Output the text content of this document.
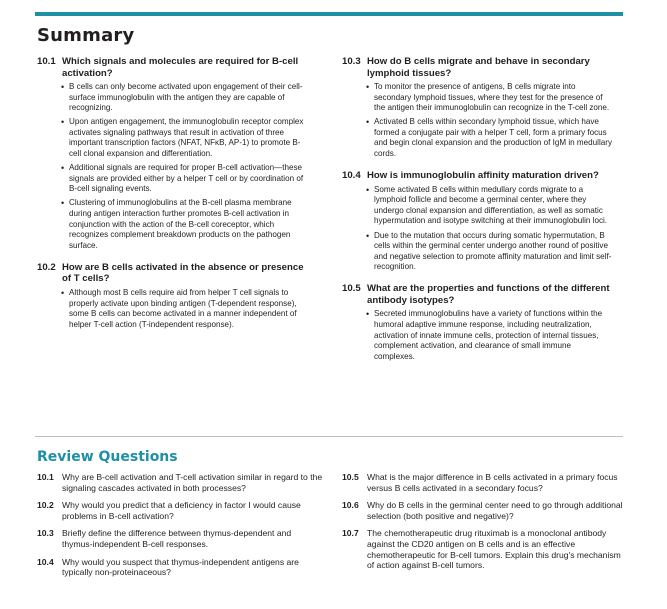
Summary
10.1 Which signals and molecules are required for B-cell activation?
• B cells can only become activated upon engagement of their cell-surface immunoglobulin with the antigen they are capable of recognizing.
• Upon antigen engagement, the immunoglobulin receptor complex activates signaling pathways that result in activation of three important transcription factors (NFAT, NFκB, AP-1) to promote B-cell clonal expansion and differentiation.
• Additional signals are required for proper B-cell activation—these signals are provided either by a helper T cell or by coordination of B-cell signaling events.
• Clustering of immunoglobulins at the B-cell plasma membrane during antigen interaction further promotes B-cell activation in conjunction with the action of the B-cell coreceptor, which recognizes complement breakdown products on the pathogen surface.
10.2 How are B cells activated in the absence or presence of T cells?
• Although most B cells require aid from helper T cell signals to properly activate upon binding antigen (T-dependent response), some B cells can become activated in a manner independent of helper T-cell action (T-independent response).
10.3 How do B cells migrate and behave in secondary lymphoid tissues?
• To monitor the presence of antigens, B cells migrate into secondary lymphoid tissues, where they test for the presence of the antigen their immunoglobulin can recognize in the T-cell zone.
• Activated B cells within secondary lymphoid tissue, which have formed a conjugate pair with a helper T cell, form a primary focus and begin clonal expansion and the production of IgM in medullary cords.
10.4 How is immunoglobulin affinity maturation driven?
• Some activated B cells within medullary cords migrate to a lymphoid follicle and become a germinal center, where they undergo clonal expansion and differentiation, as well as somatic hypermutation and isotype switching at their immunoglobulin loci.
• Due to the mutation that occurs during somatic hypermutation, B cells within the germinal center undergo another round of positive and negative selection to promote affinity maturation and limit self-recognition.
10.5 What are the properties and functions of the different antibody isotypes?
• Secreted immunoglobulins have a variety of functions within the humoral adaptive immune response, including neutralization, activation of innate immune cells, protection of internal tissues, complement activation, and clearance of small immune complexes.
Review Questions
10.1 Why are B-cell activation and T-cell activation similar in regard to the signaling cascades activated in both processes?
10.2 Why would you predict that a deficiency in factor I would cause problems in B-cell activation?
10.3 Briefly define the difference between thymus-dependent and thymus-independent B-cell responses.
10.4 Why would you suspect that thymus-independent antigens are typically non-proteinaceous?
10.5 What is the major difference in B cells activated in a primary focus versus B cells activated in a secondary focus?
10.6 Why do B cells in the germinal center need to go through additional selection (both positive and negative)?
10.7 The chemotherapeutic drug rituximab is a monoclonal antibody against the CD20 antigen on B cells and is an effective chemotherapeutic for B-cell tumors. Explain this drug's mechanism of action against B-cell tumors.
